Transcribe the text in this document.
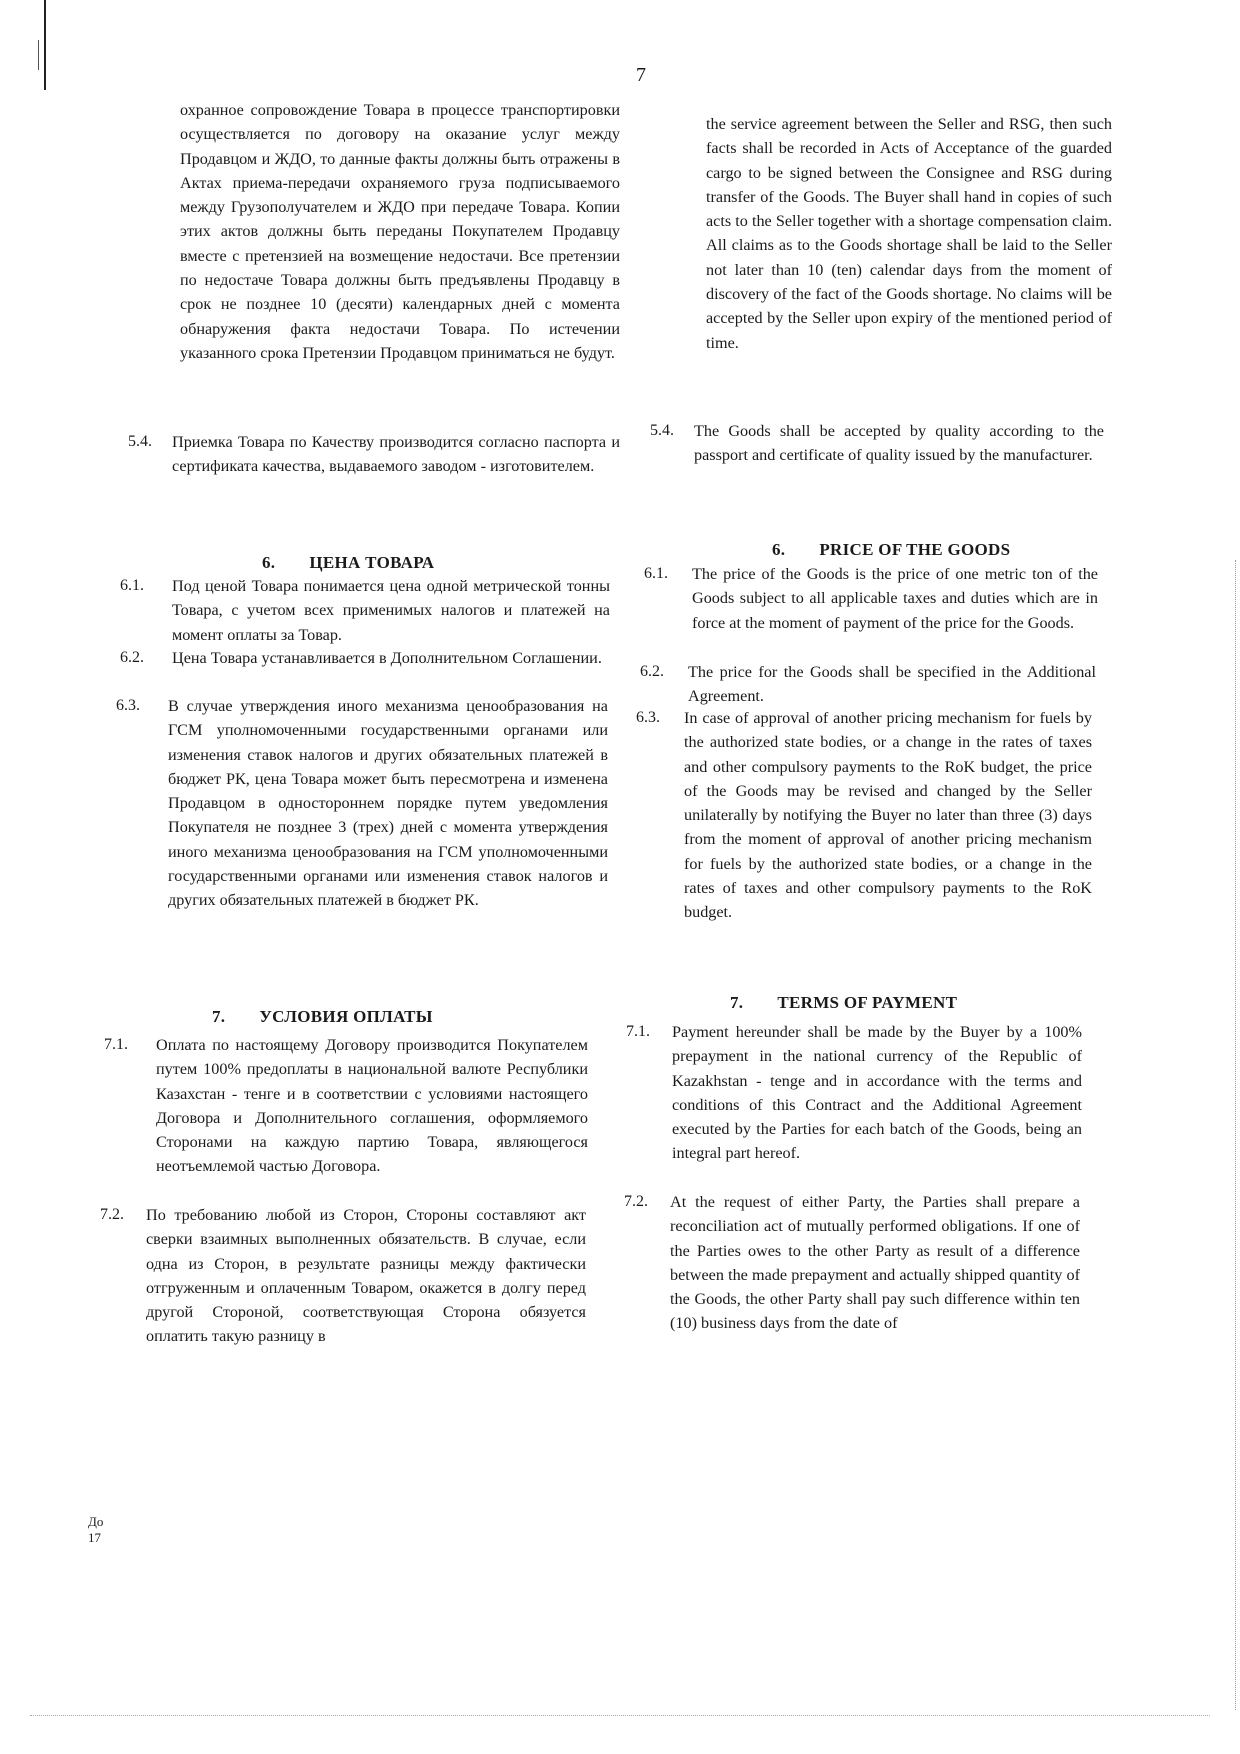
7

охранное сопровождение Товара в процессе транспортировки осуществляется по договору на оказание услуг между Продавцом и ЖДО, то данные факты должны быть отражены в Актах приема-передачи охраняемого груза подписываемого между Грузополучателем и ЖДО при передаче Товара. Копии этих актов должны быть переданы Покупателем Продавцу вместе с претензией на возмещение недостачи. Все претензии по недостаче Товара должны быть предъявлены Продавцу в срок не позднее 10 (десяти) календарных дней с момента обнаружения факта недостачи Товара. По истечении указанного срока Претензии Продавцом приниматься не будут.

5.4. Приемка Товара по Качеству производится согласно паспорта и сертификата качества, выдаваемого заводом - изготовителем.

6. ЦЕНА ТОВАРА
6.1. Под ценой Товара понимается цена одной метрической тонны Товара, с учетом всех применимых налогов и платежей на момент оплаты за Товар.

6.2. Цена Товара устанавливается в Дополнительном Соглашении.

6.3. В случае утверждения иного механизма ценообразования на ГСМ уполномоченными государственными органами или изменения ставок налогов и других обязательных платежей в бюджет РК, цена Товара может быть пересмотрена и изменена Продавцом в одностороннем порядке путем уведомления Покупателя не позднее 3 (трех) дней с момента утверждения иного механизма ценообразования на ГСМ уполномоченными государственными органами или изменения ставок налогов и других обязательных платежей в бюджет РК.

7. УСЛОВИЯ ОПЛАТЫ
7.1. Оплата по настоящему Договору производится Покупателем путем 100% предоплаты в национальной валюте Республики Казахстан - тенге и в соответствии с условиями настоящего Договора и Дополнительного соглашения, оформляемого Сторонами на каждую партию Товара, являющегося неотъемлемой частью Договора.

7.2. По требованию любой из Сторон, Стороны составляют акт сверки взаимных выполненных обязательств. В случае, если одна из Сторон, в результате разницы между фактически отгруженным и оплаченным Товаром, окажется в долгу перед другой Стороной, соответствующая Сторона обязуется оплатить такую разницу в

the service agreement between the Seller and RSG, then such facts shall be recorded in Acts of Acceptance of the guarded cargo to be signed between the Consignee and RSG during transfer of the Goods. The Buyer shall hand in copies of such acts to the Seller together with a shortage compensation claim. All claims as to the Goods shortage shall be laid to the Seller not later than 10 (ten) calendar days from the moment of discovery of the fact of the Goods shortage. No claims will be accepted by the Seller upon expiry of the mentioned period of time.

5.4. The Goods shall be accepted by quality according to the passport and certificate of quality issued by the manufacturer.

6. PRICE OF THE GOODS
6.1. The price of the Goods is the price of one metric ton of the Goods subject to all applicable taxes and duties which are in force at the moment of payment of the price for the Goods.

6.2. The price for the Goods shall be specified in the Additional Agreement.

6.3. In case of approval of another pricing mechanism for fuels by the authorized state bodies, or a change in the rates of taxes and other compulsory payments to the RoK budget, the price of the Goods may be revised and changed by the Seller unilaterally by notifying the Buyer no later than three (3) days from the moment of approval of another pricing mechanism for fuels by the authorized state bodies, or a change in the rates of taxes and other compulsory payments to the RoK budget.

7. TERMS OF PAYMENT
7.1. Payment hereunder shall be made by the Buyer by a 100% prepayment in the national currency of the Republic of Kazakhstan - tenge and in accordance with the terms and conditions of this Contract and the Additional Agreement executed by the Parties for each batch of the Goods, being an integral part hereof.

7.2. At the request of either Party, the Parties shall prepare a reconciliation act of mutually performed obligations. If one of the Parties owes to the other Party as result of a difference between the made prepayment and actually shipped quantity of the Goods, the other Party shall pay such difference within ten (10) business days from the date of

До
17
